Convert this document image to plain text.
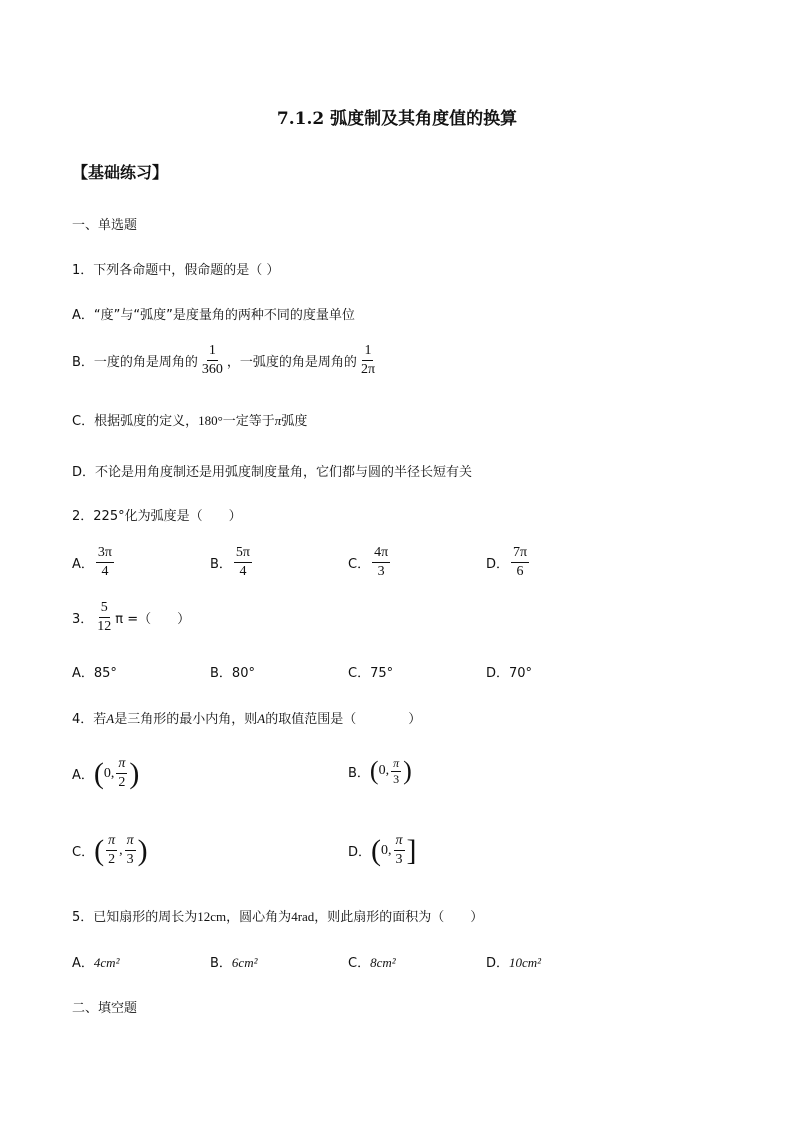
7.1.2 弧度制及其角度值的换算
【基础练习】
一、单选题
1．下列各命题中，假命题的是（ ）
A．“度”与“弧度”是度量角的两种不同的度量单位
B．一度的角是周角的 $\frac{1}{360}$ ，一弧度的角是周角的 $\frac{1}{2\pi}$
C．根据弧度的定义，180°一定等于π弧度
D．不论是用角度制还是用弧度制度量角，它们都与圆的半径长短有关
2．225°化为弧度是（　　）
A． $\frac{3\pi}{4}$	B． $\frac{5\pi}{4}$	C． $\frac{4\pi}{3}$	D． $\frac{7\pi}{6}$
3． $\frac{5}{12}$ π =（　　）
A．85°	B．80°	C．75°	D．70°
4．若A是三角形的最小内角，则A的取值范围是（　　　　）
A． ( 0, $\frac{\pi}{2}$ )	B． ( 0, $\frac{\pi}{3}$ )
C． ( $\frac{\pi}{2}$ , $\frac{\pi}{3}$ )	D． ( 0, $\frac{\pi}{3}$ ]
5．已知扇形的周长为12cm，圆心角为4rad，则此扇形的面积为（　　）
A．4cm²	B．6cm²	C．8cm²	D．10cm²
二、填空题
